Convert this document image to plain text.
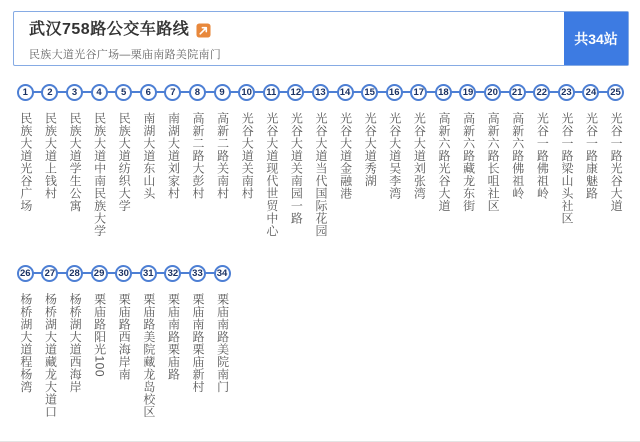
武汉758路公交车路线
民族大道光谷广场—栗庙南路美院南门
共34站
1
民族大道光谷广场
2
民族大道上钱村
3
民族大道学生公寓
4
民族大道中南民族大学
5
民族大道纺织大学
6
南湖大道东山头
7
南湖大道刘家村
8
高新二路大彭村
9
高新二路关南村
10
光谷大道关南村
11
光谷大道现代世贸中心
12
光谷大道关南园一路
13
光谷大道当代国际花园
14
光谷大道金融港
15
光谷大道秀湖
16
光谷大道吴李湾
17
光谷大道刘张湾
18
高新六路光谷大道
19
高新六路藏龙东街
20
高新六路长咀社区
21
高新六路佛祖岭
22
光谷一路佛祖岭
23
光谷一路梁山头社区
24
光谷一路康魅路
25
光谷一路光谷大道
26
杨桥湖大道程杨湾
27
杨桥湖大道藏龙大道口
28
杨桥湖大道西海岸
29
栗庙路阳光100
30
栗庙路西海岸南
31
栗庙路美院藏龙岛校区
32
栗庙南路栗庙路
33
栗庙南路栗庙新村
34
栗庙南路美院南门
